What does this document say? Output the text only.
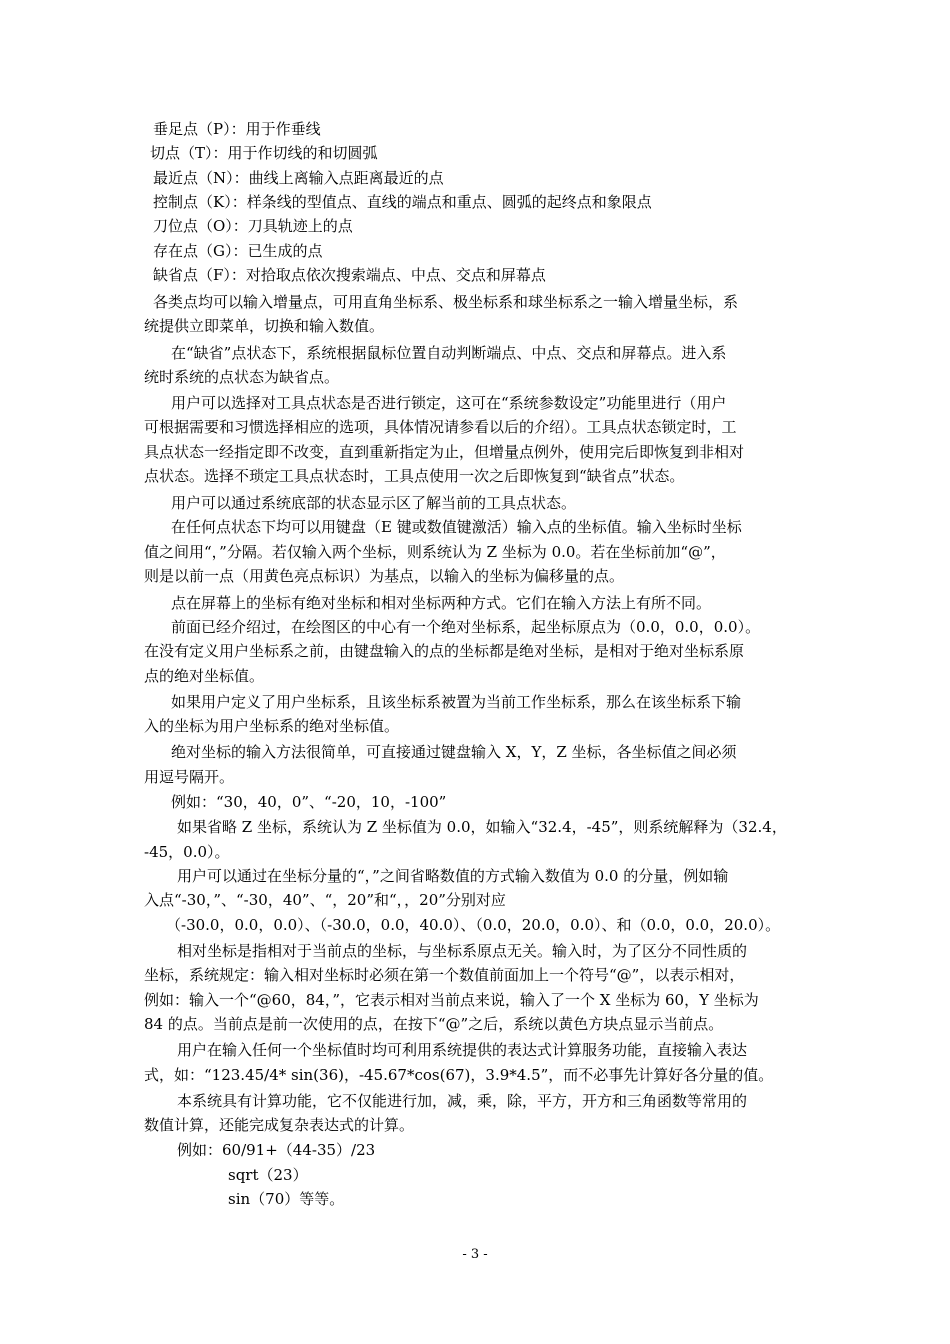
垂足点（P）：用于作垂线
切点（T）：用于作切线的和切圆弧
最近点（N）：曲线上离输入点距离最近的点
控制点（K）：样条线的型值点、直线的端点和重点、圆弧的起终点和象限点
刀位点（O）：刀具轨迹上的点
存在点（G）：已生成的点
缺省点（F）：对拾取点依次搜索端点、中点、交点和屏幕点
各类点均可以输入增量点，可用直角坐标系、极坐标系和球坐标系之一输入增量坐标，系
统提供立即菜单，切换和输入数值。
在“缺省”点状态下，系统根据鼠标位置自动判断端点、中点、交点和屏幕点。进入系
统时系统的点状态为缺省点。
用户可以选择对工具点状态是否进行锁定，这可在“系统参数设定”功能里进行（用户
可根据需要和习惯选择相应的选项，具体情况请参看以后的介绍）。工具点状态锁定时，工
具点状态一经指定即不改变，直到重新指定为止，但增量点例外，使用完后即恢复到非相对
点状态。选择不琐定工具点状态时，工具点使用一次之后即恢复到“缺省点”状态。
用户可以通过系统底部的状态显示区了解当前的工具点状态。
在任何点状态下均可以用键盘（E 键或数值键激活）输入点的坐标值。输入坐标时坐标
值之间用“，”分隔。若仅输入两个坐标，则系统认为 Z 坐标为 0.0。若在坐标前加“@”，
则是以前一点（用黄色亮点标识）为基点，以输入的坐标为偏移量的点。
点在屏幕上的坐标有绝对坐标和相对坐标两种方式。它们在输入方法上有所不同。
前面已经介绍过，在绘图区的中心有一个绝对坐标系，起坐标原点为（0.0，0.0，0.0）。
在没有定义用户坐标系之前，由键盘输入的点的坐标都是绝对坐标，是相对于绝对坐标系原
点的绝对坐标值。
如果用户定义了用户坐标系，且该坐标系被置为当前工作坐标系，那么在该坐标系下输
入的坐标为用户坐标系的绝对坐标值。
绝对坐标的输入方法很简单，可直接通过键盘输入 X，Y，Z 坐标，各坐标值之间必须
用逗号隔开。
例如：“30，40，0”、“-20，10，-100”
如果省略 Z 坐标，系统认为 Z 坐标值为 0.0，如输入“32.4，-45”，则系统解释为（32.4，
-45，0.0）。
用户可以通过在坐标分量的“，”之间省略数值的方式输入数值为 0.0 的分量，例如输
入点“-30，”、“-30，40”、“，20”和“，，20”分别对应
（-30.0，0.0，0.0）、（-30.0，0.0，40.0）、（0.0，20.0，0.0）、和（0.0，0.0，20.0）。
相对坐标是指相对于当前点的坐标，与坐标系原点无关。输入时，为了区分不同性质的
坐标，系统规定：输入相对坐标时必须在第一个数值前面加上一个符号“@”，以表示相对，
例如：输入一个“@60，84，”，它表示相对当前点来说，输入了一个 X 坐标为 60，Y 坐标为
84 的点。当前点是前一次使用的点，在按下“@”之后，系统以黄色方块点显示当前点。
用户在输入任何一个坐标值时均可利用系统提供的表达式计算服务功能，直接输入表达
式，如：“123.45/4* sin(36)，-45.67*cos(67)，3.9*4.5”，而不必事先计算好各分量的值。
本系统具有计算功能，它不仅能进行加，减，乘，除，平方，开方和三角函数等常用的
数值计算，还能完成复杂表达式的计算。
例如：60/91+（44-35）/23
sqrt（23）
sin（70）等等。
- 3 -
